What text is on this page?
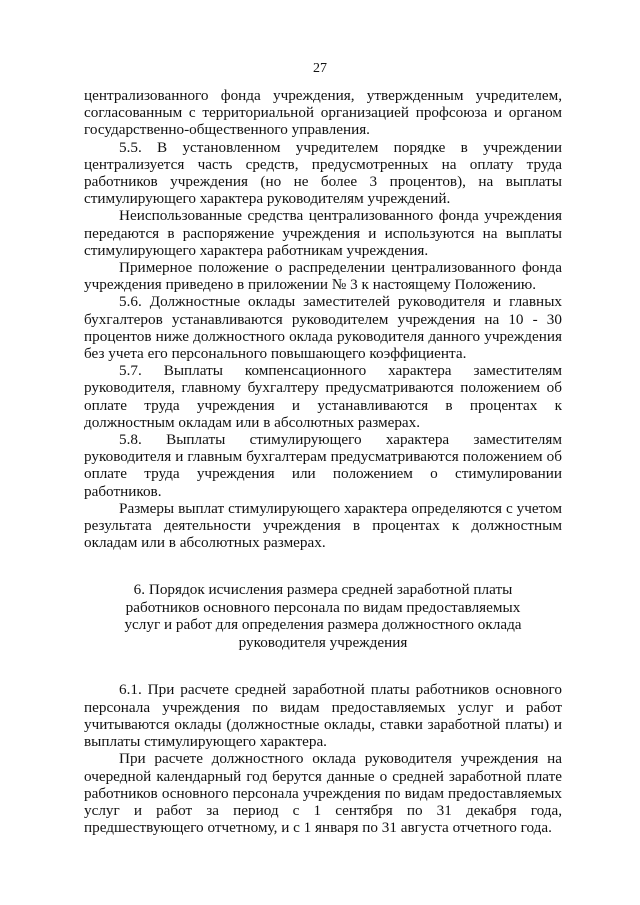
27

централизованного фонда учреждения, утвержденным учредителем, согласованным с территориальной организацией профсоюза и органом государственно-общественного управления.

5.5. В установленном учредителем порядке в учреждении централизуется часть средств, предусмотренных на оплату труда работников учреждения (но не более 3 процентов), на выплаты стимулирующего характера руководителям учреждений.

Неиспользованные средства централизованного фонда учреждения передаются в распоряжение учреждения и используются на выплаты стимулирующего характера работникам учреждения.

Примерное положение о распределении централизованного фонда учреждения приведено в приложении № 3 к настоящему Положению.

5.6. Должностные оклады заместителей руководителя и главных бухгалтеров устанавливаются руководителем учреждения на 10 - 30 процентов ниже должностного оклада руководителя данного учреждения без учета его персонального повышающего коэффициента.

5.7. Выплаты компенсационного характера заместителям руководителя, главному бухгалтеру предусматриваются положением об оплате труда учреждения и устанавливаются в процентах к должностным окладам или в абсолютных размерах.

5.8. Выплаты стимулирующего характера заместителям руководителя и главным бухгалтерам предусматриваются положением об оплате труда учреждения или положением о стимулировании работников.

Размеры выплат стимулирующего характера определяются с учетом результата деятельности учреждения в процентах к должностным окладам или в абсолютных размерах.

6. Порядок исчисления размера средней заработной платы
работников основного персонала по видам предоставляемых
услуг и работ для определения размера должностного оклада
руководителя учреждения

6.1. При расчете средней заработной платы работников основного персонала учреждения по видам предоставляемых услуг и работ учитываются оклады (должностные оклады, ставки заработной платы) и выплаты стимулирующего характера.

При расчете должностного оклада руководителя учреждения на очередной календарный год берутся данные о средней заработной плате работников основного персонала учреждения по видам предоставляемых услуг и работ за период с 1 сентября по 31 декабря года, предшествующего отчетному, и с 1 января по 31 августа отчетного года.
